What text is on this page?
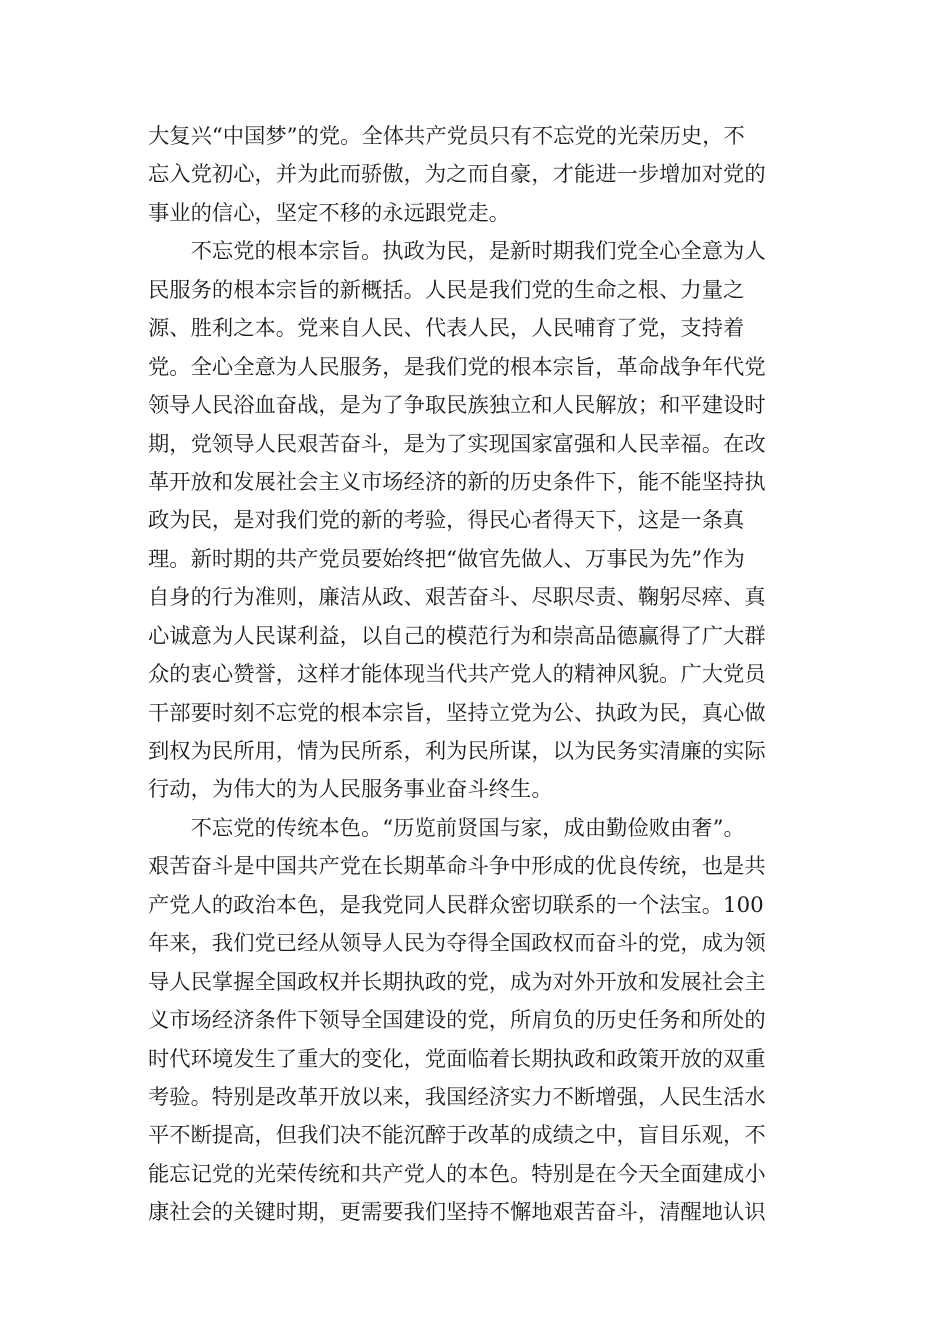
大复兴“中国梦”的党。全体共产党员只有不忘党的光荣历史，不
忘入党初心，并为此而骄傲，为之而自豪，才能进一步增加对党的
事业的信心，坚定不移的永远跟党走。
　　不忘党的根本宗旨。执政为民，是新时期我们党全心全意为人
民服务的根本宗旨的新概括。人民是我们党的生命之根、力量之
源、胜利之本。党来自人民、代表人民，人民哺育了党，支持着
党。全心全意为人民服务，是我们党的根本宗旨，革命战争年代党
领导人民浴血奋战，是为了争取民族独立和人民解放；和平建设时
期，党领导人民艰苦奋斗，是为了实现国家富强和人民幸福。在改
革开放和发展社会主义市场经济的新的历史条件下，能不能坚持执
政为民，是对我们党的新的考验，得民心者得天下，这是一条真
理。新时期的共产党员要始终把“做官先做人、万事民为先”作为
自身的行为准则，廉洁从政、艰苦奋斗、尽职尽责、鞠躬尽瘁、真
心诚意为人民谋利益，以自己的模范行为和崇高品德赢得了广大群
众的衷心赞誉，这样才能体现当代共产党人的精神风貌。广大党员
干部要时刻不忘党的根本宗旨，坚持立党为公、执政为民，真心做
到权为民所用，情为民所系，利为民所谋，以为民务实清廉的实际
行动，为伟大的为人民服务事业奋斗终生。
　　不忘党的传统本色。“历览前贤国与家，成由勤俭败由奢”。
艰苦奋斗是中国共产党在长期革命斗争中形成的优良传统，也是共
产党人的政治本色，是我党同人民群众密切联系的一个法宝。100
年来，我们党已经从领导人民为夺得全国政权而奋斗的党，成为领
导人民掌握全国政权并长期执政的党，成为对外开放和发展社会主
义市场经济条件下领导全国建设的党，所肩负的历史任务和所处的
时代环境发生了重大的变化，党面临着长期执政和政策开放的双重
考验。特别是改革开放以来，我国经济实力不断增强，人民生活水
平不断提高，但我们决不能沉醉于改革的成绩之中，盲目乐观，不
能忘记党的光荣传统和共产党人的本色。特别是在今天全面建成小
康社会的关键时期，更需要我们坚持不懈地艰苦奋斗，清醒地认识
